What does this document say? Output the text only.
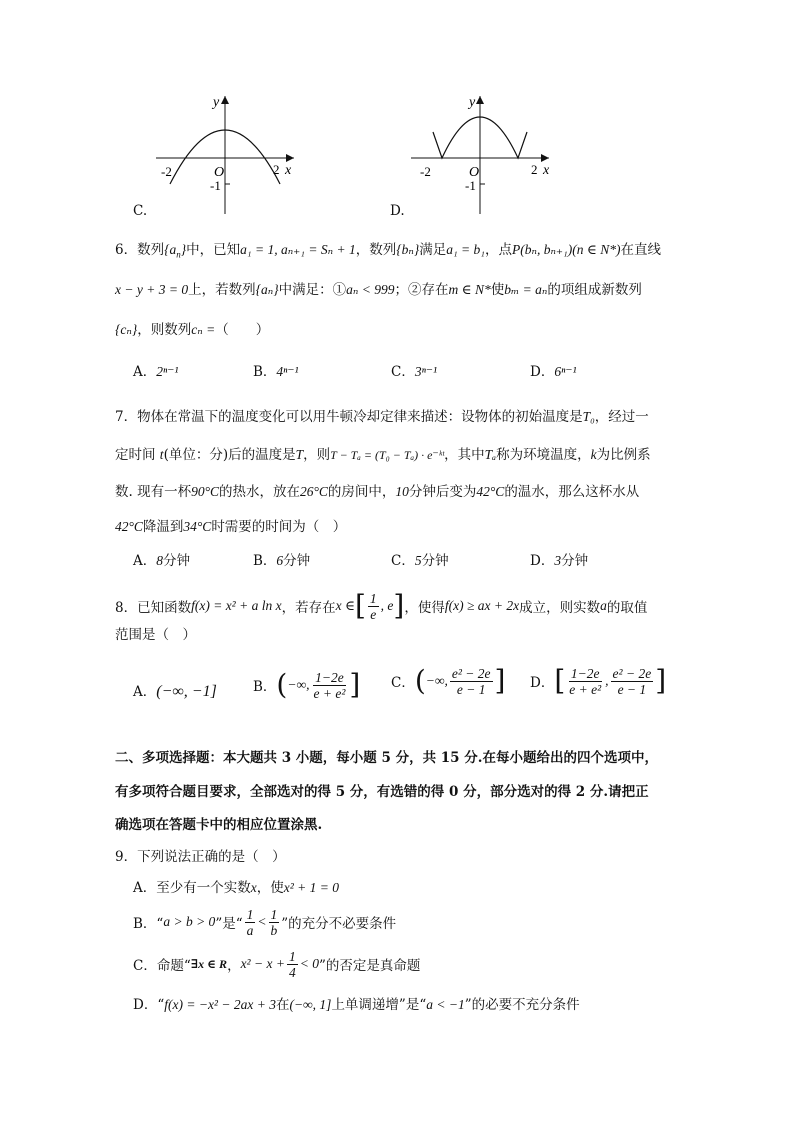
y
x
O
-2	2
-1
C.
y
x
O
-2	2
-1
D.
6．数列$\{a_n\}$中，已知a₁ = 1, aₙ₊₁ = Sₙ + 1，数列{bₙ}满足a₁ = b₁，点P(bₙ, bₙ₊₁)(n ∈ N*)在直线
x − y + 3 = 0上，若数列{aₙ}中满足：①aₙ < 999；②存在m ∈ N*使bₘ = aₙ的项组成新数列
{cₙ}，则数列cₙ =（　　）
A．2ⁿ⁻¹	B．4ⁿ⁻¹	C．3ⁿ⁻¹	D．6ⁿ⁻¹
7．物体在常温下的温度变化可以用牛顿冷却定律来描述：设物体的初始温度是T₀，经过一
定时间 t(单位：分)后的温度是T，则T − Tₐ = (T₀ − Tₐ) · e⁻ᵏᵗ，其中Tₐ称为环境温度，k为比例系
数. 现有一杯90°C的热水，放在26°C的房间中，10分钟后变为42°C的温水，那么这杯水从
42°C降温到34°C时需要的时间为（　）
A．8分钟	B．6分钟	C．5分钟	D．3分钟
8．已知函数 f(x) = x² + a ln x ，若存在 x ∈ [ $\frac{1}{e}$ , e ] ，使得 f(x) ≥ ax + 2x 成立，则实数 a 的取值
范围是（　）
A．(−∞, −1]	B． ( −∞, $\frac{1-2e}{\text{e + e²}}$ ] C． ( −∞, $\frac{\text{e² − 2e}}{e - 1}$ ] D． [ $\frac{1-2e}{\text{e + e²}}$ , $\frac{\text{e² − 2e}}{e - 1}$ ]
二、多项选择题：本大题共 3 小题，每小题 5 分，共 15 分.在每小题给出的四个选项中，
有多项符合题目要求，全部选对的得 5 分，有选错的得 0 分，部分选对的得 2 分.请把正
确选项在答题卡中的相应位置涂黑.
9．下列说法正确的是（　）
A．至少有一个实数x，使x² + 1 = 0
B．“ a > b > 0 ”是“ $\frac{1}{a} < \frac{1}{b}$ ”的充分不必要条件
C．命题“ ∃x ∈ R ， $x^2 - x + \frac{1}{4} < 0$ ”的否定是真命题
D．“f(x) = −x² − 2ax + 3在(−∞, 1]上单调递增”是“a < −1”的必要不充分条件
